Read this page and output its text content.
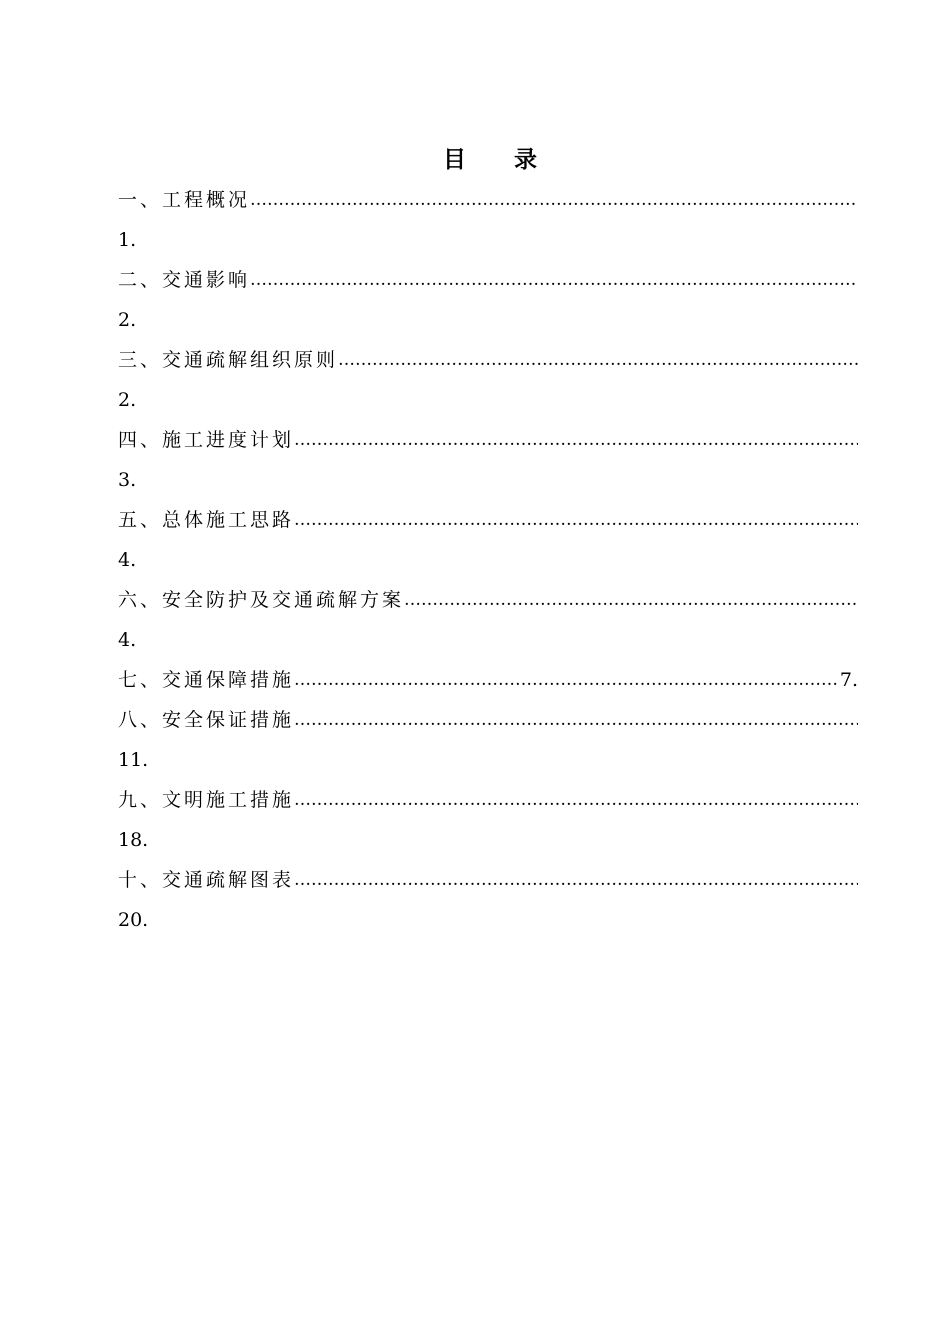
目 录
一、工程概况
……………………………………………………………………………………………………………………………………………………………………
1.
二、交通影响
……………………………………………………………………………………………………………………………………………………………………
2.
三、交通疏解组织原则
……………………………………………………………………………………………………………………………………………………………………
2.
四、施工进度计划
……………………………………………………………………………………………………………………………………………………………………
3.
五、总体施工思路
……………………………………………………………………………………………………………………………………………………………………
4.
六、安全防护及交通疏解方案
……………………………………………………………………………………………………………………………………………………………………
4.
七、交通保障措施
……………………………………………………………………………………………………………………………………………………………………	7.
八、安全保证措施
……………………………………………………………………………………………………………………………………………………………………
11.
九、文明施工措施
……………………………………………………………………………………………………………………………………………………………………
18.
十、交通疏解图表
……………………………………………………………………………………………………………………………………………………………………
20.
